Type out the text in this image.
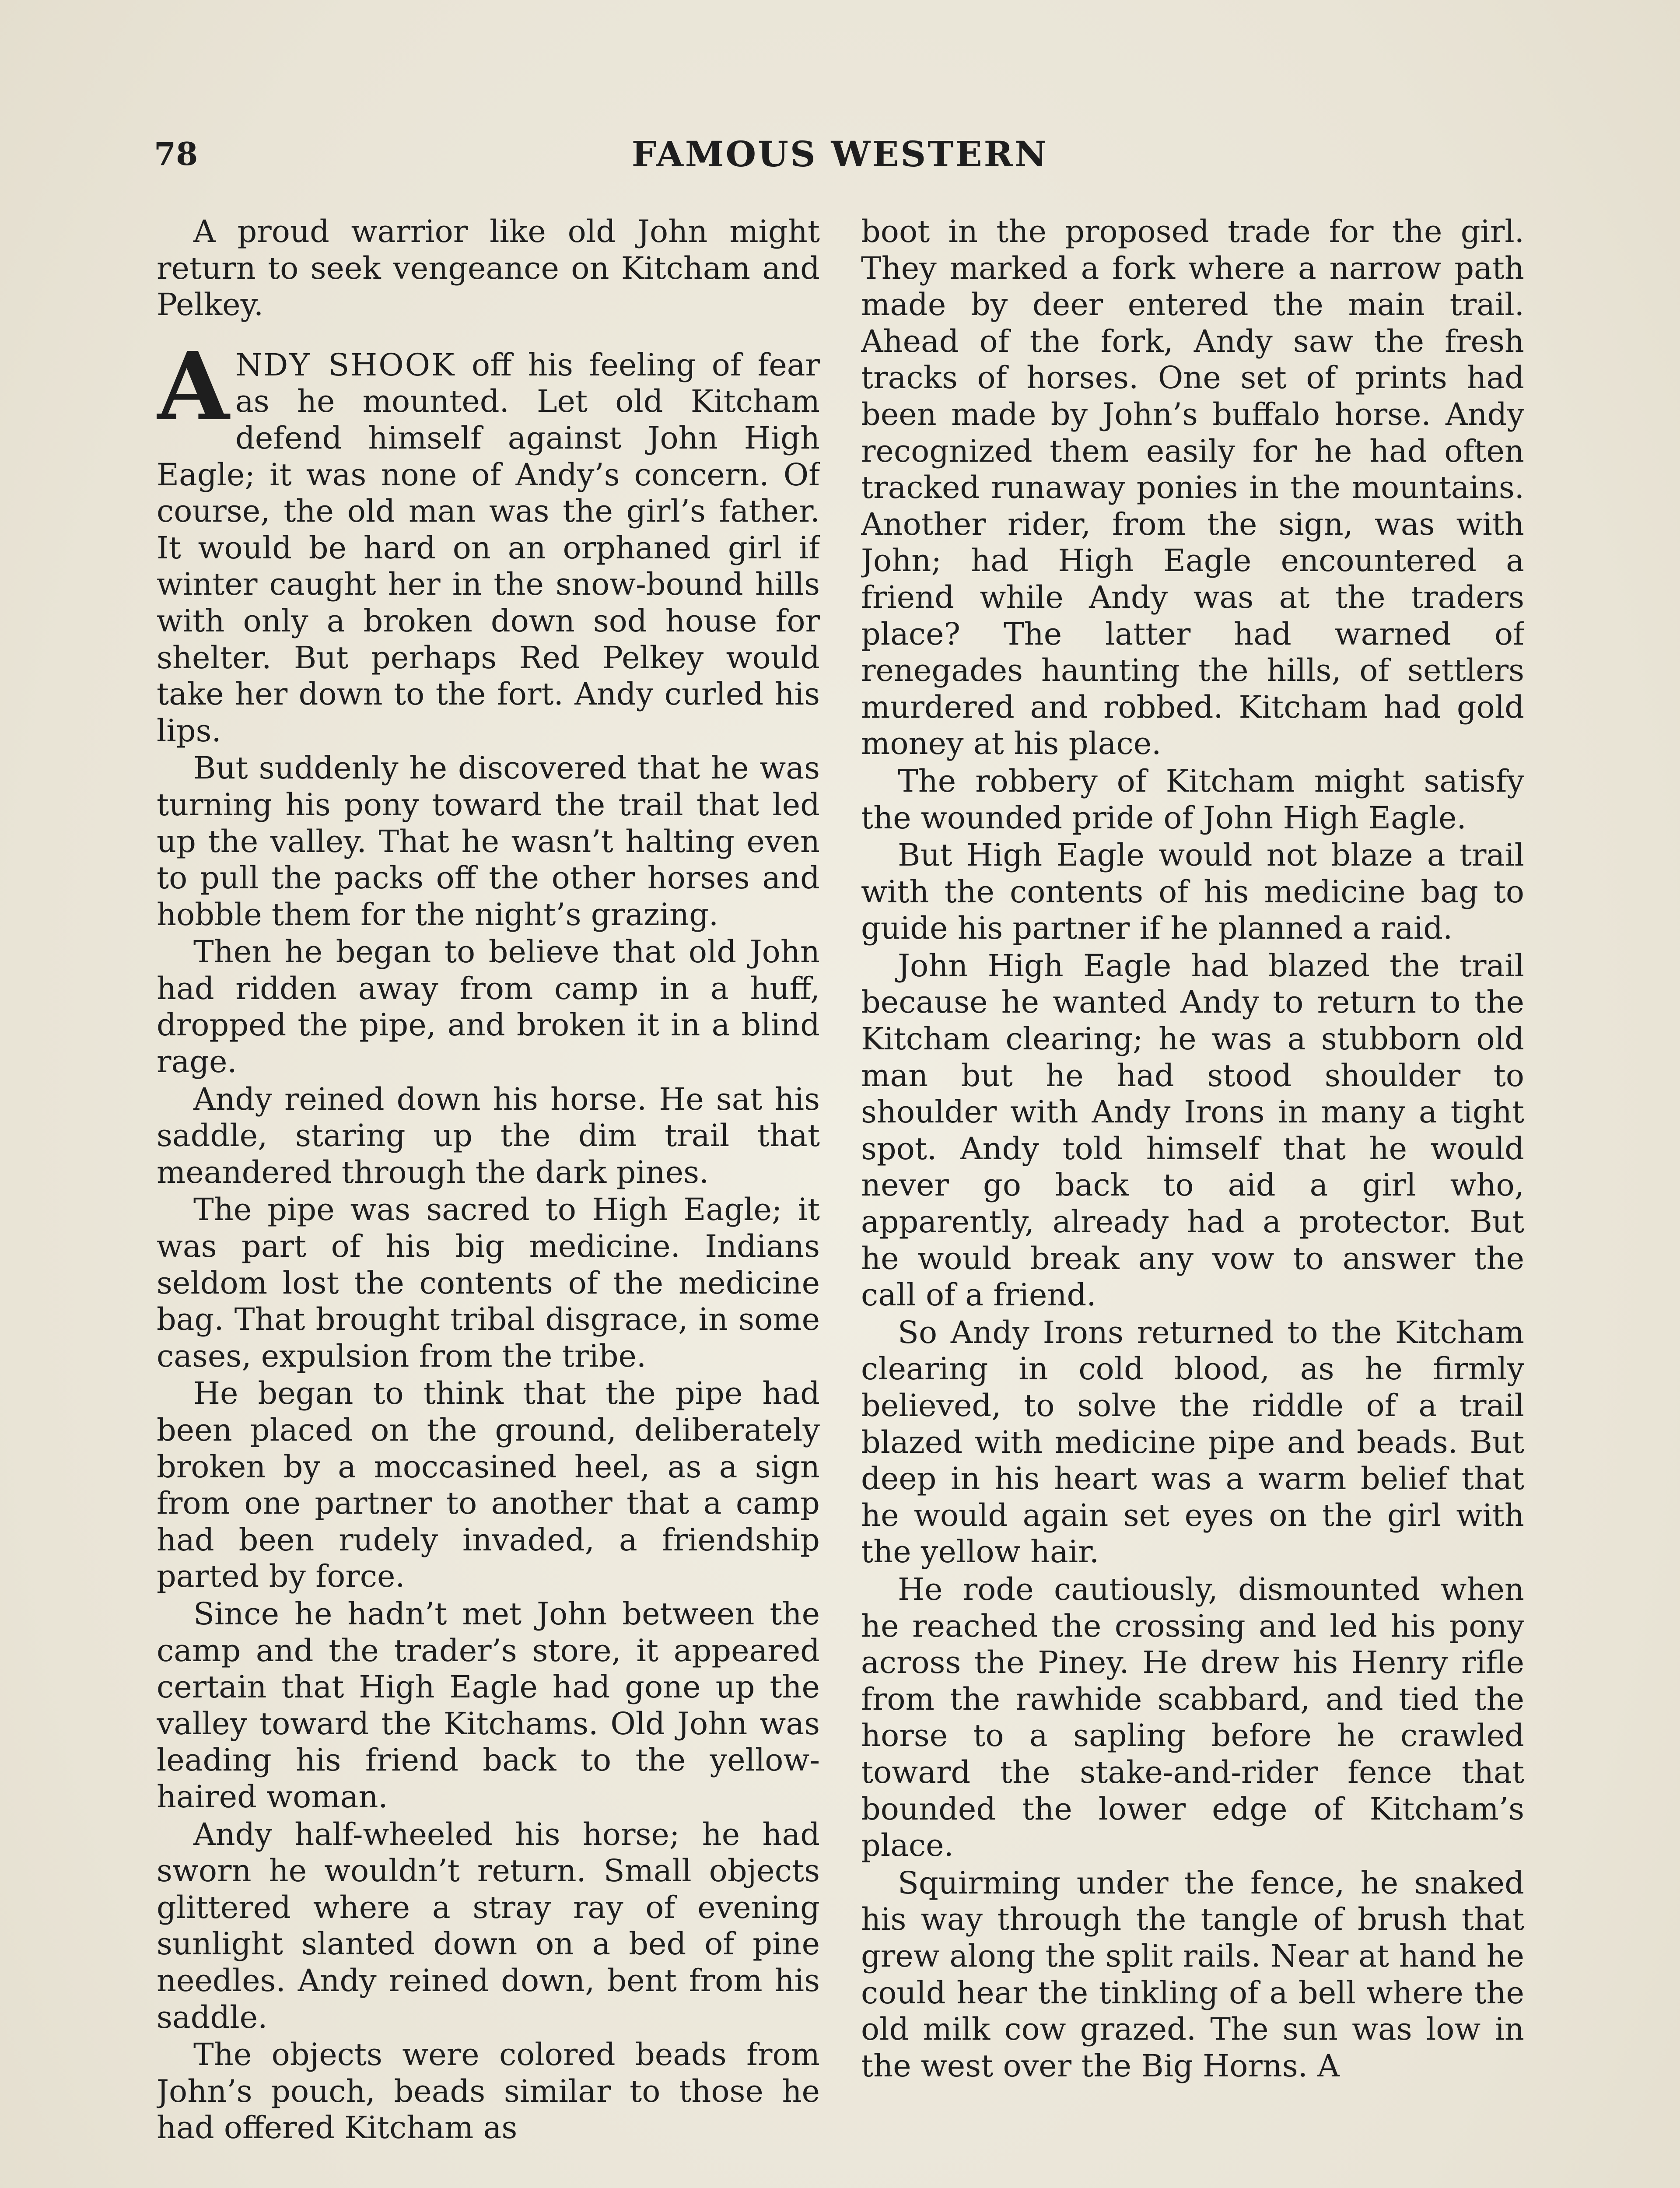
78	FAMOUS WESTERN

A proud warrior like old John might return to seek vengeance on Kitcham and Pelkey.

ANDY SHOOK off his feeling of fear as he mounted. Let old Kitcham defend himself against John High Eagle; it was none of Andy’s concern. Of course, the old man was the girl’s father. It would be hard on an orphaned girl if winter caught her in the snow-bound hills with only a broken down sod house for shelter. But perhaps Red Pelkey would take her down to the fort. Andy curled his lips.

But suddenly he discovered that he was turning his pony toward the trail that led up the valley. That he wasn’t halting even to pull the packs off the other horses and hobble them for the night’s grazing.

Then he began to believe that old John had ridden away from camp in a huff, dropped the pipe, and broken it in a blind rage.

Andy reined down his horse. He sat his saddle, staring up the dim trail that meandered through the dark pines.

The pipe was sacred to High Eagle; it was part of his big medicine. Indians seldom lost the contents of the medicine bag. That brought tribal disgrace, in some cases, expulsion from the tribe.

He began to think that the pipe had been placed on the ground, deliberately broken by a moccasined heel, as a sign from one partner to another that a camp had been rudely invaded, a friendship parted by force.

Since he hadn’t met John between the camp and the trader’s store, it appeared certain that High Eagle had gone up the valley toward the Kitchams. Old John was leading his friend back to the yellow-haired woman.

Andy half-wheeled his horse; he had sworn he wouldn’t return. Small objects glittered where a stray ray of evening sunlight slanted down on a bed of pine needles. Andy reined down, bent from his saddle.

The objects were colored beads from John’s pouch, beads similar to those he had offered Kitcham as

boot in the proposed trade for the girl. They marked a fork where a narrow path made by deer entered the main trail. Ahead of the fork, Andy saw the fresh tracks of horses. One set of prints had been made by John’s buffalo horse. Andy recognized them easily for he had often tracked runaway ponies in the mountains. Another rider, from the sign, was with John; had High Eagle encountered a friend while Andy was at the traders place? The latter had warned of renegades haunting the hills, of settlers murdered and robbed. Kitcham had gold money at his place.

The robbery of Kitcham might satisfy the wounded pride of John High Eagle.

But High Eagle would not blaze a trail with the contents of his medicine bag to guide his partner if he planned a raid.

John High Eagle had blazed the trail because he wanted Andy to return to the Kitcham clearing; he was a stubborn old man but he had stood shoulder to shoulder with Andy Irons in many a tight spot. Andy told himself that he would never go back to aid a girl who, apparently, already had a protector. But he would break any vow to answer the call of a friend.

So Andy Irons returned to the Kitcham clearing in cold blood, as he firmly believed, to solve the riddle of a trail blazed with medicine pipe and beads. But deep in his heart was a warm belief that he would again set eyes on the girl with the yellow hair.

He rode cautiously, dismounted when he reached the crossing and led his pony across the Piney. He drew his Henry rifle from the rawhide scabbard, and tied the horse to a sapling before he crawled toward the stake-and-rider fence that bounded the lower edge of Kitcham’s place.

Squirming under the fence, he snaked his way through the tangle of brush that grew along the split rails. Near at hand he could hear the tinkling of a bell where the old milk cow grazed. The sun was low in the west over the Big Horns. A
